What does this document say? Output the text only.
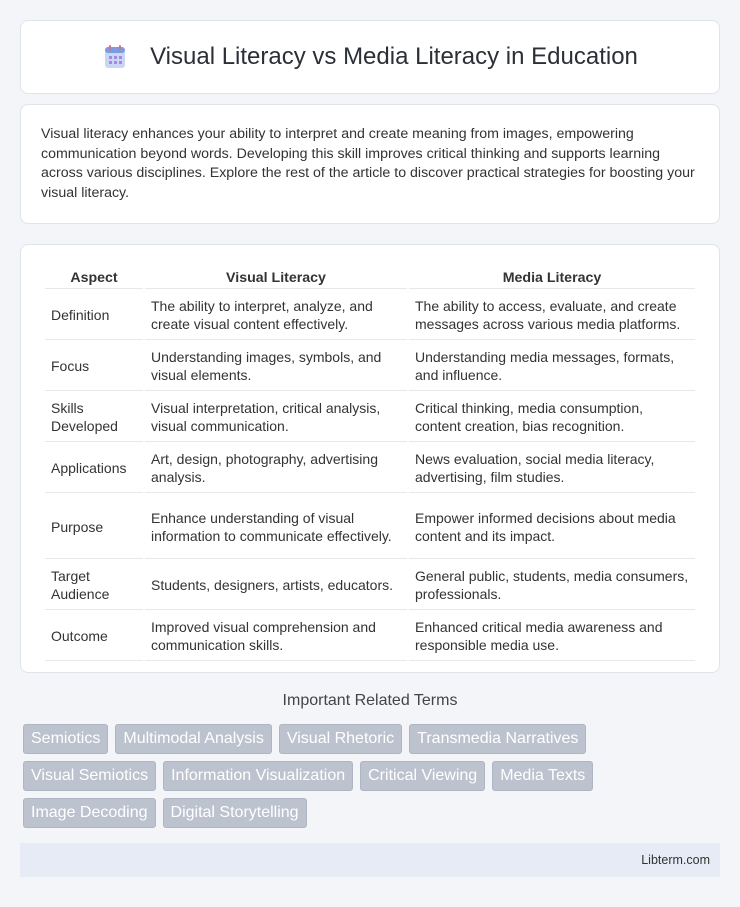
Visual Literacy vs Media Literacy in Education

Visual literacy enhances your ability to interpret and create meaning from images, empowering communication beyond words. Developing this skill improves critical thinking and supports learning across various disciplines. Explore the rest of the article to discover practical strategies for boosting your visual literacy.

Aspect	Visual Literacy	Media Literacy
Definition	The ability to interpret, analyze, and create visual content effectively.	The ability to access, evaluate, and create messages across various media platforms.
Focus	Understanding images, symbols, and visual elements.	Understanding media messages, formats, and influence.
Skills Developed	Visual interpretation, critical analysis, visual communication.	Critical thinking, media consumption, content creation, bias recognition.
Applications	Art, design, photography, advertising analysis.	News evaluation, social media literacy, advertising, film studies.
Purpose	Enhance understanding of visual information to communicate effectively.	Empower informed decisions about media content and its impact.
Target Audience	Students, designers, artists, educators.	General public, students, media consumers, professionals.
Outcome	Improved visual comprehension and communication skills.	Enhanced critical media awareness and responsible media use.
Important Related Terms
Semiotics	Multimodal Analysis	Visual Rhetoric	Transmedia Narratives
Visual Semiotics	Information Visualization	Critical Viewing	Media Texts
Image Decoding	Digital Storytelling
Libterm.com
